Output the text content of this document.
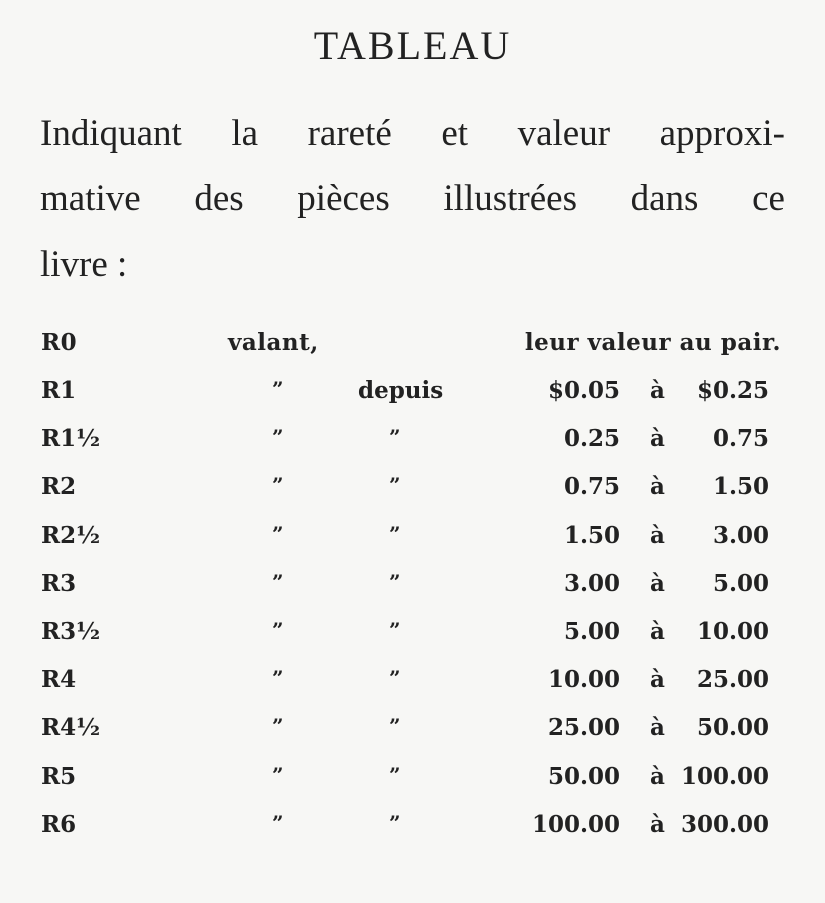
TABLEAU
Indiquant la rareté et valeur approxi-
mative des pièces illustrées dans ce
livre :
R0	valant,	leur valeur au pair.
R1	”	depuis	$0.05 à $0.25
R1½	”	”	0.25 à 0.75
R2	”	”	0.75 à 1.50
R2½	”	”	1.50 à 3.00
R3	”	”	3.00 à 5.00
R3½	”	”	5.00 à 10.00
R4	”	”	10.00 à 25.00
R4½	”	”	25.00 à 50.00
R5	”	”	50.00 à 100.00
R6	”	”	100.00 à 300.00
